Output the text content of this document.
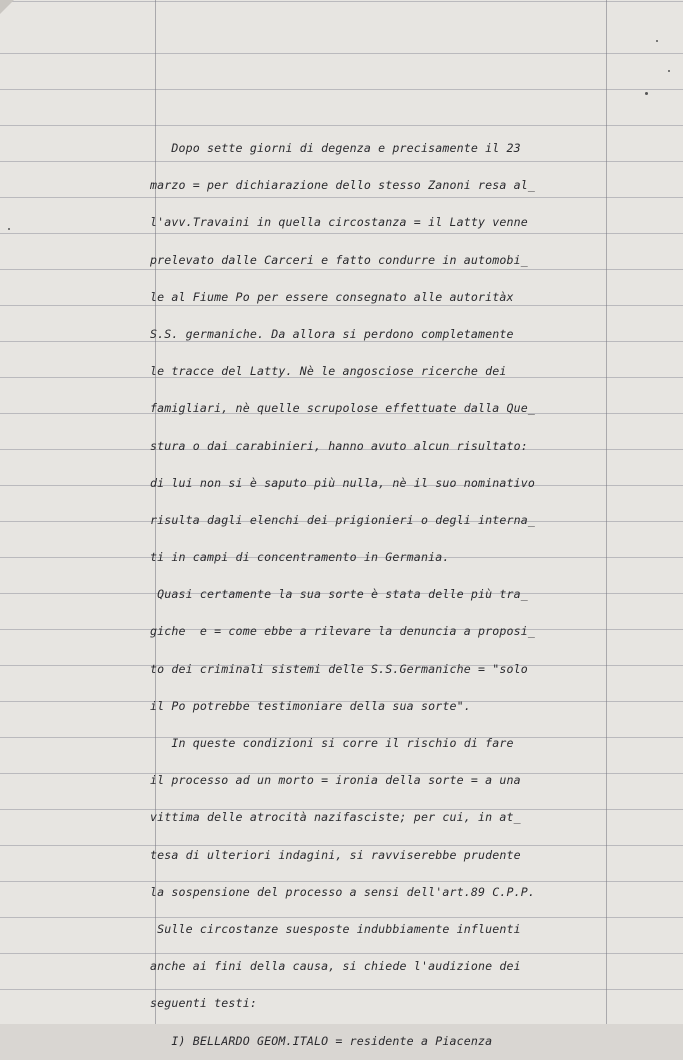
Dopo sette giorni di degenza e precisamente il 23
marzo = per dichiarazione dello stesso Zanoni resa al_
l'avv.Travaini in quella circostanza = il Latty venne
prelevato dalle Carceri e fatto condurre in automobi_
le al Fiume Po per essere consegnato alle autoritàx
S.S. germaniche. Da allora si perdono completamente
le tracce del Latty. Nè le angosciose ricerche dei
famigliari, nè quelle scrupolose effettuate dalla Que_
stura o dai carabinieri, hanno avuto alcun risultato:
di lui non si è saputo più nulla, nè il suo nominativo
risulta dagli elenchi dei prigionieri o degli interna_
ti in campi di concentramento in Germania.
Quasi certamente la sua sorte è stata delle più tra_
giche  e = come ebbe a rilevare la denuncia a proposi_
to dei criminali sistemi delle S.S.Germaniche = "solo
il Po potrebbe testimoniare della sua sorte".
In queste condizioni si corre il rischio di fare
il processo ad un morto = ironia della sorte = a una
vittima delle atrocità nazifasciste; per cui, in at_
tesa di ulteriori indagini, si ravviserebbe prudente
la sospensione del processo a sensi dell'art.89 C.P.P.
Sulle circostanze suesposte indubbiamente influenti
anche ai fini della causa, si chiede l'audizione dei
seguenti testi:
I) BELLARDO GEOM.ITALO = residente a Piacenza
